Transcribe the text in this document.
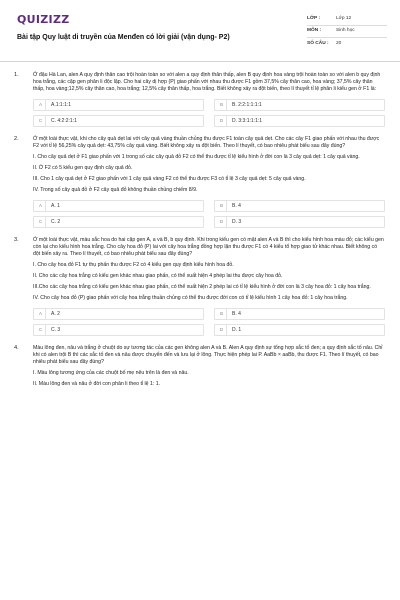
QUIZIZZ
Bài tập Quy luật di truyền của Menđen có lời giải (vận dụng- P2)
LỚP :	Lớp 12
MÔN :	Sinh học
SỐ CÂU :	20
1.	Ở đậu Hà Lan, alen A quy định thân cao trội hoàn toàn so với alen a quy định thân thấp, alen B quy định hoa vàng trội hoàn toàn so với alen b quy định hoa trắng, các cặp gen phân li độc lập. Cho hai cây dị hợp (P) giao phấn với nhau thu được F1 gồm 37,5% cây thân cao, hoa vàng; 37,5% cây thân thấp, hoa vàng;12,5% cây thân cao, hoa trắng; 12,5% cây thân thấp, hoa trắng. Biết không xảy ra đột biến, theo lí thuyết tỉ lệ phân li kiểu gen ở F1 là:
A	A.1:1:1:1	B	B. 2:2:1:1:1:1
C	C. 4:2:2:1:1	D	D. 3:3:1:1:1:1
2.	Ở một loài thực vật, khi cho cây quả dẹt lai với cây quả vàng thuần chủng thu được F1 toàn cây quả dẹt. Cho các cây F1 giao phấn với nhau thu được F2 với tỉ lệ 56,25% cây quả dẹt: 43,75% cây quả vàng. Biết không xảy ra đột biến. Theo lí thuyết, có bao nhiêu phát biểu sau đây đúng?
I. Cho cây quả dẹt ở F1 giao phấn với 1 trong số các cây quả đỏ F2 có thể thu được tỉ lệ kiểu hình ở đời con là 3 cây quả dẹt: 1 cây quả vàng.
II. Ở F2 có 5 kiểu gen quy định cây quả đỏ.
III. Cho 1 cây quả dẹt ở F2 giao phấn với 1 cây quả vàng F2 có thể thu được F3 có tỉ lệ 3 cây quả dẹt: 5 cây quả vàng.
IV. Trong số cây quả đỏ ở F2 cây quả đỏ không thuần chủng chiếm 8/9.
A	A. 1	B	B. 4
C	C. 2	D	D. 3
3.	Ở một loài thực vật, màu sắc hoa do hai cặp gen A, a và B, b quy định. Khi trong kiểu gen có mặt alen A và B thì cho kiểu hình hoa màu đỏ; các kiểu gen còn lại cho kiểu hình hoa trắng. Cho cây hoa đỏ (P) lai với cây hoa trắng đồng hợp lặn thu được F1 có 4 kiểu tổ hợp giao tử khác nhau. Biết không có đột biến xảy ra. Theo lí thuyết, có bao nhiêu phát biểu sau đây đúng?
I. Cho cây hoa đỏ F1 tự thụ phấn thu được F2 có 4 kiểu gen quy định kiểu hình hoa đỏ.
II. Cho các cây hoa trắng có kiểu gen khác nhau giao phấn, có thể xuất hiện 4 phép lai thu được cây hoa đỏ.
III.Cho các cây hoa trắng có kiểu gen khác nhau giao phấn, có thể xuất hiện 2 phép lai có tỉ lệ kiểu hình ở đời con là 3 cây hoa đỏ: 1 cây hoa trắng.
IV. Cho cây hoa đỏ (P) giao phấn với cây hoa trắng thuần chủng có thể thu được đời con có tỉ lệ kiểu hình 1 cây hoa đỏ: 1 cây hoa trắng.
A	A. 2	B	B. 4
C	C. 3	D	D. 1
4.	Màu lông đen, nâu và trắng ở chuột do sự tương tác của các gen không alen A và B. Alen A quy định sự tổng hợp sắc tố đen; a quy định sắc tố nâu. Chỉ khi có alen trội B thì các sắc tố đen và nâu được chuyển đến và lưu lại ở lông. Thực hiện phép lai P. AaBb × aaBb, thu được F1. Theo lí thuyết, có bao nhiêu phát biểu sau đây đúng?
I. Màu lông tương ứng của các chuột bố mẹ nêu trên là đen và nâu.
II. Màu lông đen và nâu ở đời con phân li theo tỉ lệ 1: 1.
